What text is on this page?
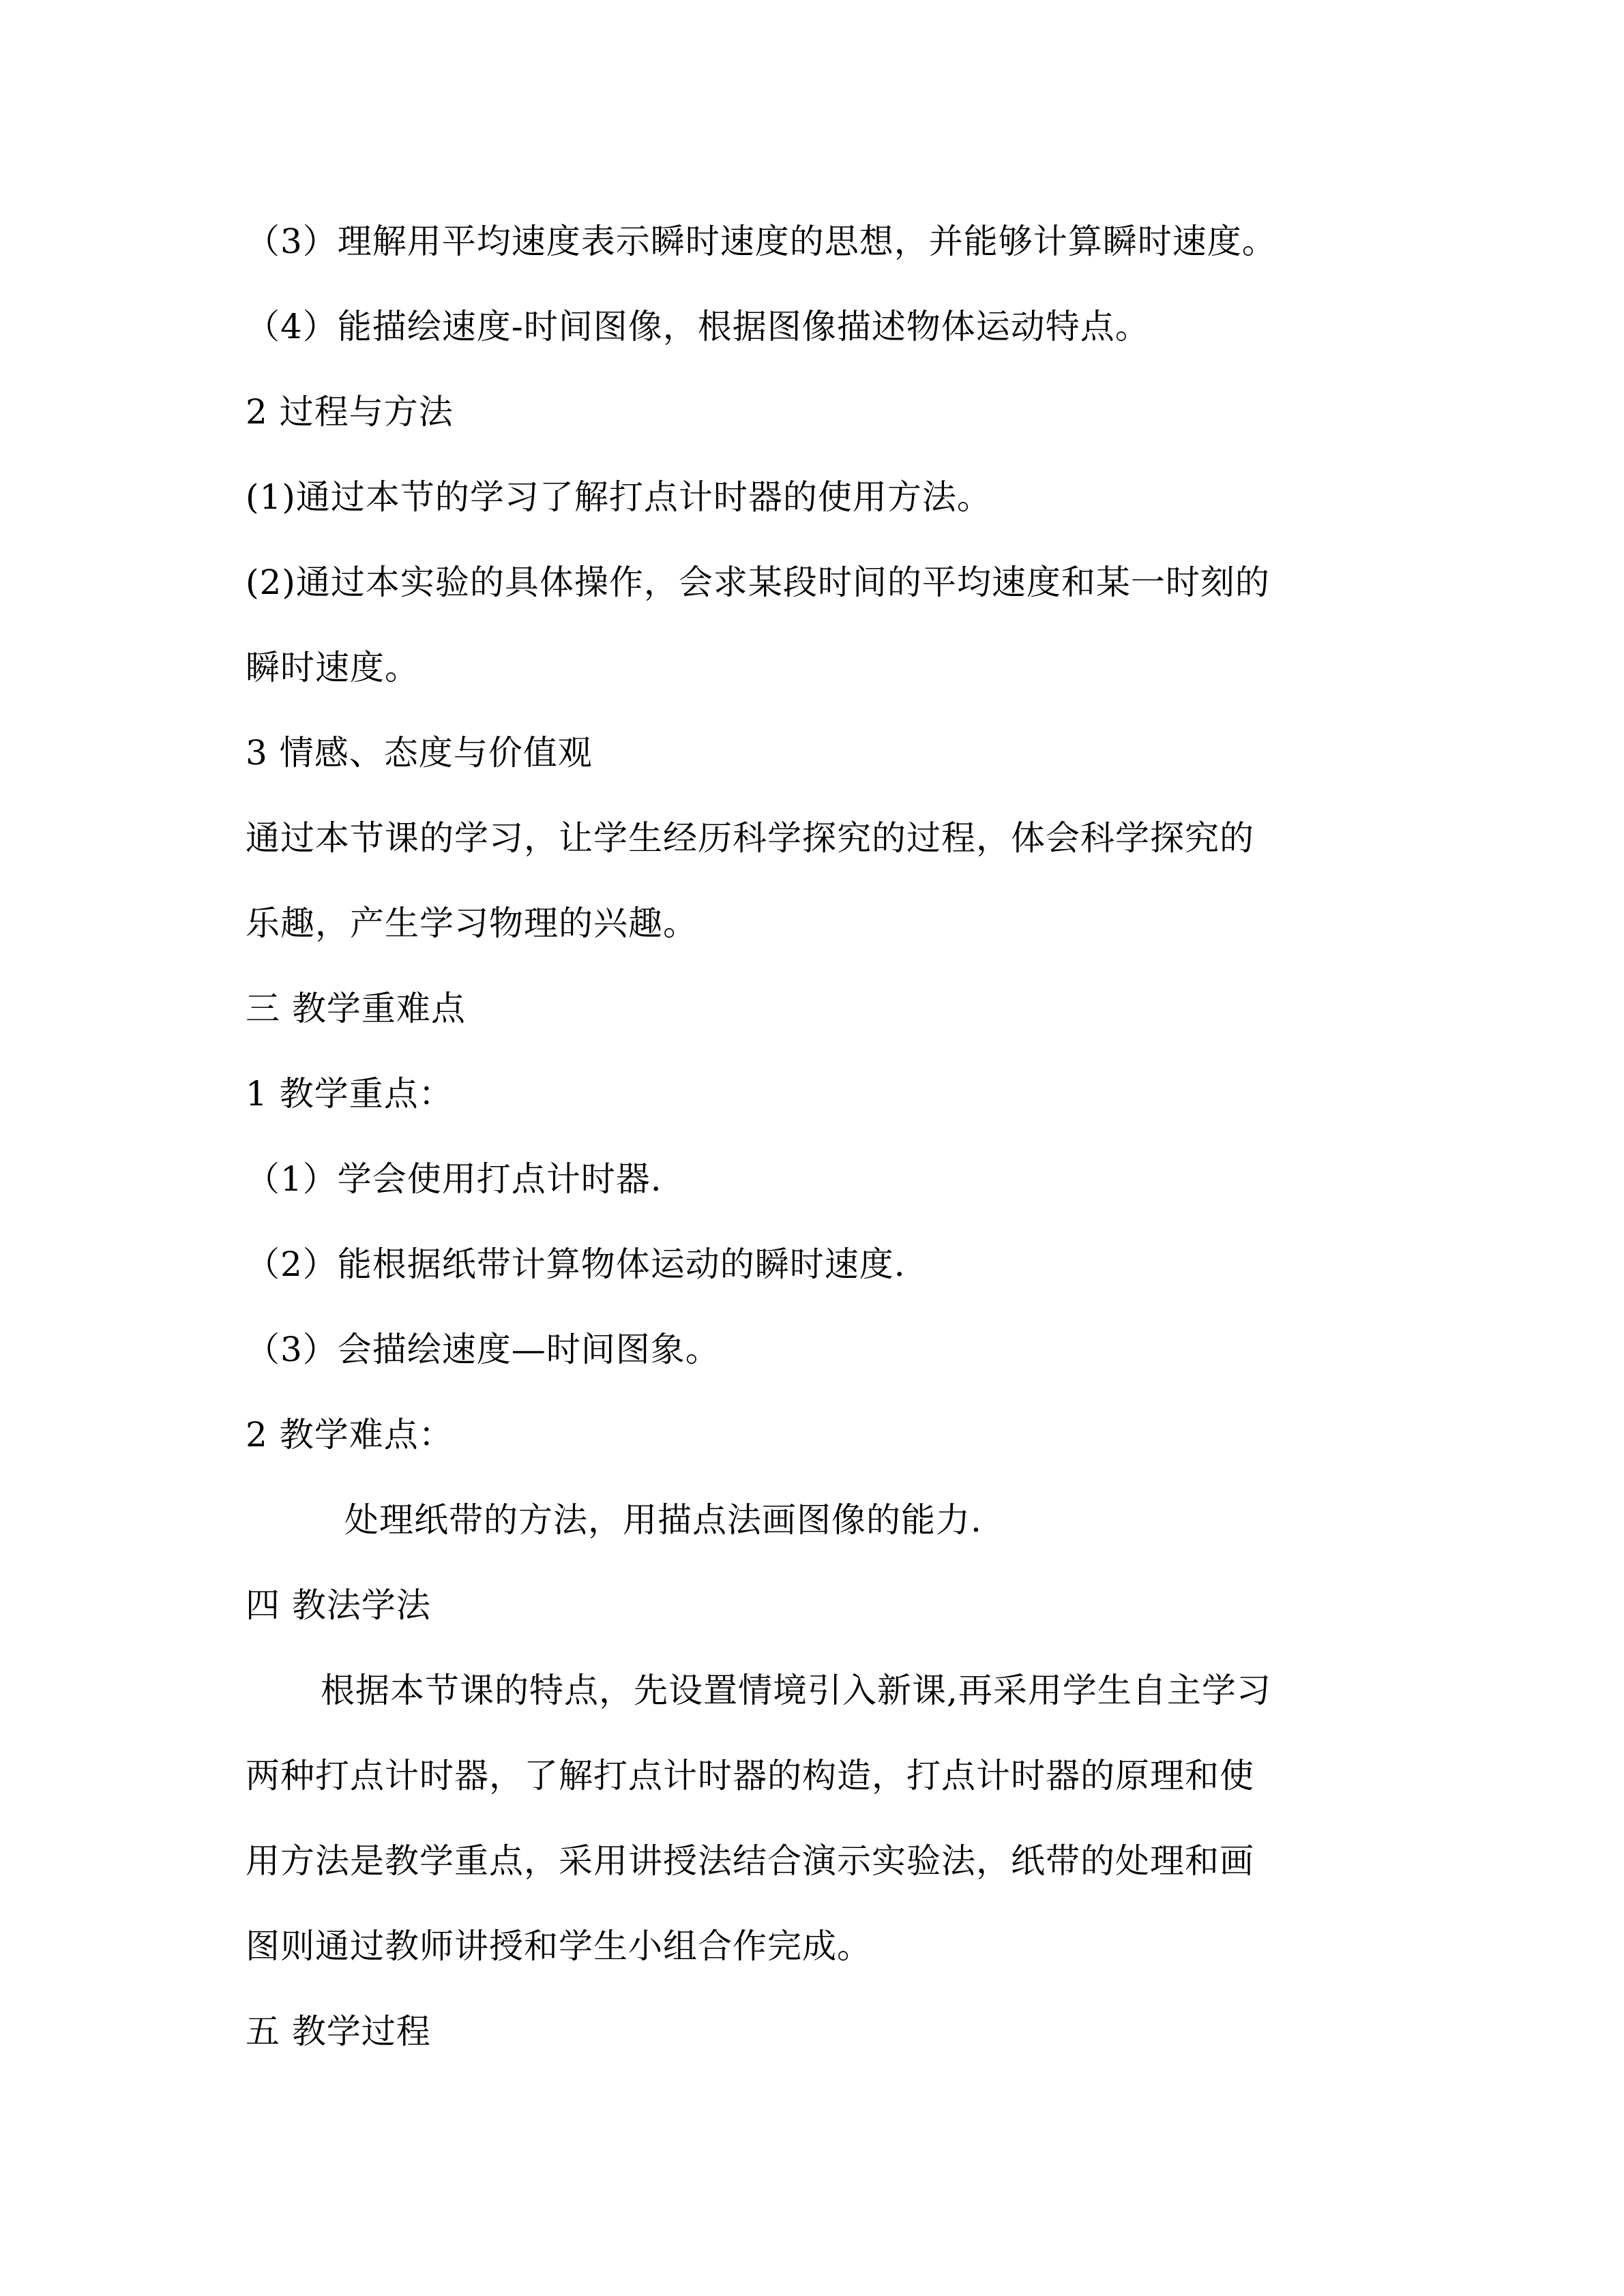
（3）理解用平均速度表示瞬时速度的思想，并能够计算瞬时速度。
（4）能描绘速度-时间图像，根据图像描述物体运动特点。
2 过程与方法
(1)通过本节的学习了解打点计时器的使用方法。
(2)通过本实验的具体操作，会求某段时间的平均速度和某一时刻的
瞬时速度。
3 情感、态度与价值观
通过本节课的学习，让学生经历科学探究的过程，体会科学探究的
乐趣，产生学习物理的兴趣。
三 教学重难点
1 教学重点：
（1）学会使用打点计时器.
（2）能根据纸带计算物体运动的瞬时速度.
（3）会描绘速度—时间图象。
2 教学难点：
处理纸带的方法，用描点法画图像的能力.
四 教法学法
根据本节课的特点，先设置情境引入新课,再采用学生自主学习
两种打点计时器，了解打点计时器的构造，打点计时器的原理和使
用方法是教学重点，采用讲授法结合演示实验法，纸带的处理和画
图则通过教师讲授和学生小组合作完成。
五 教学过程
